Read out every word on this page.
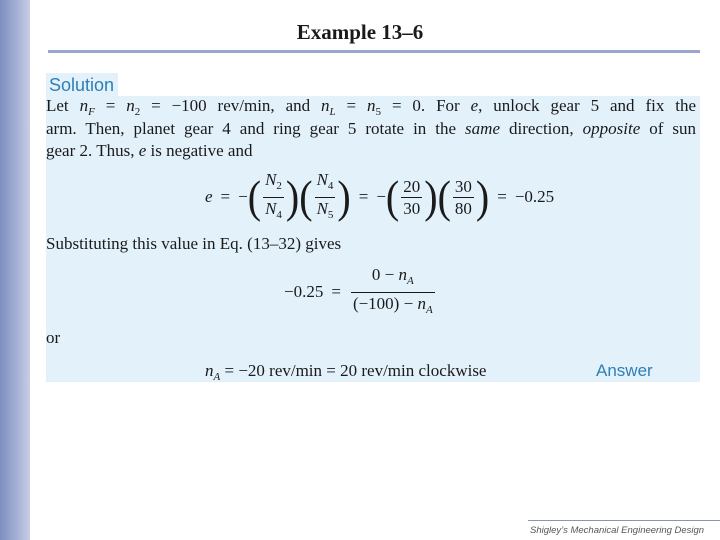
Example 13–6
Solution
Let $n_F = n_2 = -100$ rev/min, and $n_L = n_5 = 0$. For e, unlock gear 5 and fix the
arm. Then, planet gear 4 and ring gear 5 rotate in the same direction, opposite of sun
gear 2. Thus, e is negative and
e = − ( $\frac{N_2}{N_4}$ ) ( $\frac{N_4}{N_5}$ ) = − ( $\frac{20}{30}$ ) ( $\frac{30}{80}$ ) = −0.25
Substituting this value in Eq. (13–32) gives
$-0.25 = \frac{0 - n_A}{(-100) - n_A}$
or
$n_A = -20$ rev/min = 20 rev/min clockwise	Answer
Shigley’s Mechanical Engineering Design
